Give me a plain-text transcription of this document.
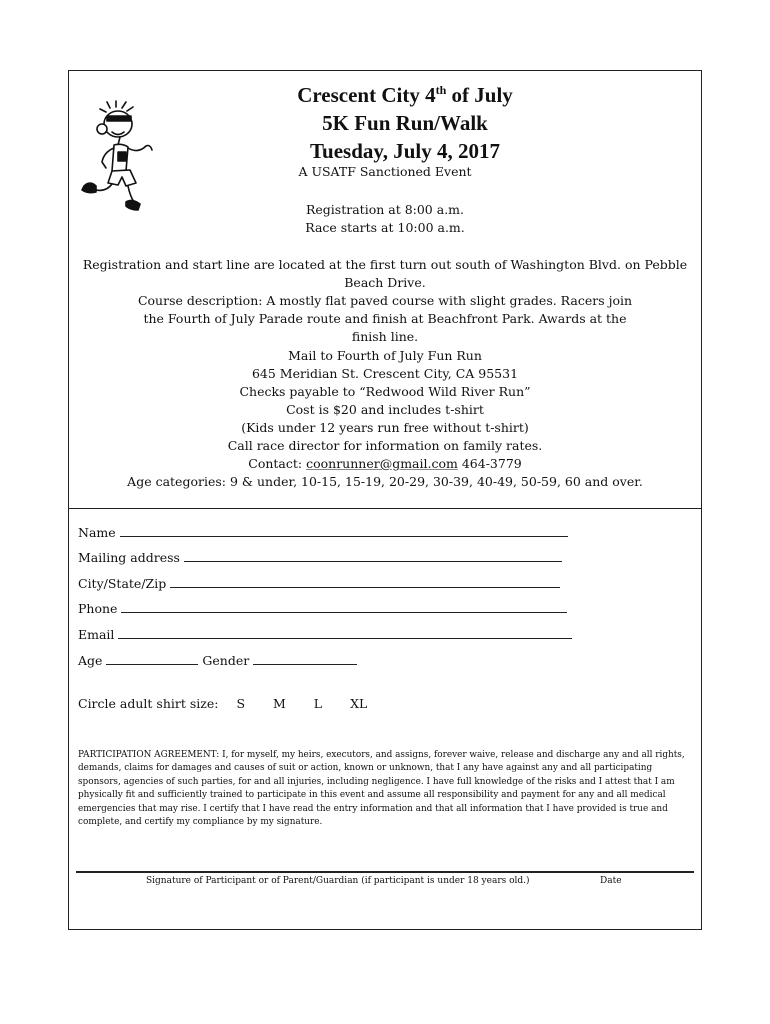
Crescent City 4th of July
5K Fun Run/Walk
Tuesday, July 4, 2017
A USATF Sanctioned Event
Registration at 8:00 a.m.
Race starts at 10:00 a.m.
Registration and start line are located at the first turn out south of Washington Blvd. on Pebble Beach Drive.
Course description: A mostly flat paved course with slight grades. Racers join the Fourth of July Parade route and finish at Beachfront Park. Awards at the finish line.
Mail to Fourth of July Fun Run
645 Meridian St. Crescent City, CA 95531
Checks payable to “Redwood Wild River Run”
Cost is $20 and includes t-shirt
(Kids under 12 years run free without t-shirt)
Call race director for information on family rates.
Contact: coonrunner@gmail.com 464-3779
Age categories: 9 & under, 10-15, 15-19, 20-29, 30-39, 40-49, 50-59, 60 and over.
Name
Mailing address
City/State/Zip
Phone
Email
Age	Gender
Circle adult shirt size: S M L XL
PARTICIPATION AGREEMENT: I, for myself, my heirs, executors, and assigns, forever waive, release and discharge any and all rights, demands, claims for damages and causes of suit or action, known or unknown, that I any have against any and all participating sponsors, agencies of such parties, for and all injuries, including negligence. I have full knowledge of the risks and I attest that I am physically fit and sufficiently trained to participate in this event and assume all responsibility and payment for any and all medical emergencies that may rise. I certify that I have read the entry information and that all information that I have provided is true and complete, and certify my compliance by my signature.
Signature of Participant or of Parent/Guardian (if participant is under 18 years old.)	Date
